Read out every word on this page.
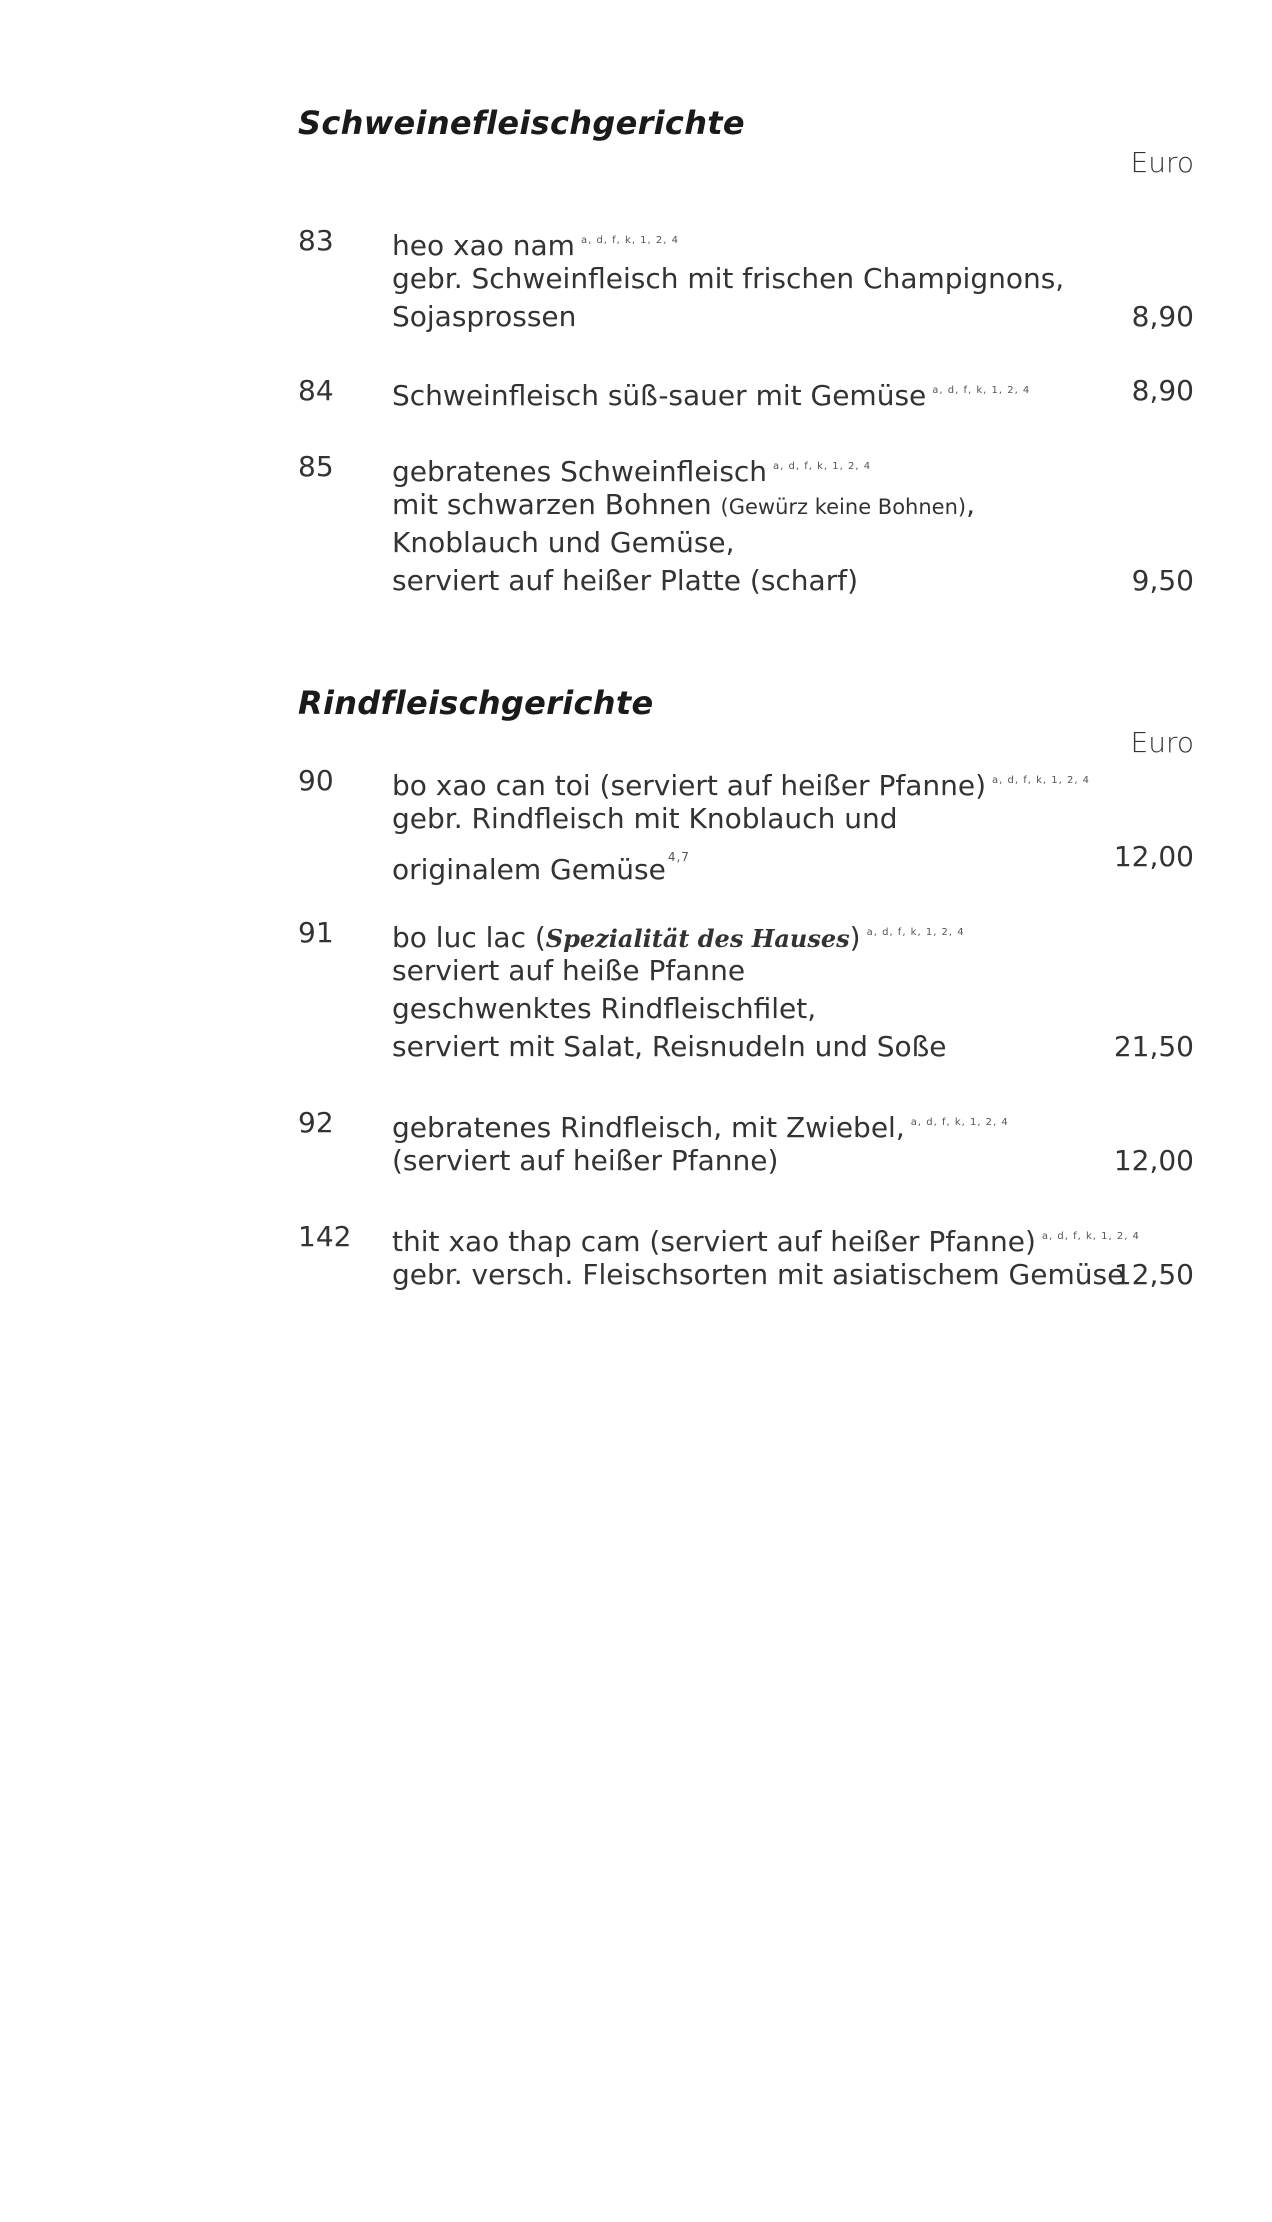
Schweinefleischgerichte
Euro
83 heo xao nam $^{a, d, f, k, 1, 2, 4}$
gebr. Schweinfleisch mit frischen Champignons,
Sojasprossen	8,90
84 Schweinfleisch süß-sauer mit Gemüse $^{a, d, f, k, 1, 2, 4}$	8,90
85 gebratenes Schweinfleisch $^{a, d, f, k, 1, 2, 4}$
mit schwarzen Bohnen (Gewürz keine Bohnen),
Knoblauch und Gemüse,
serviert auf heißer Platte (scharf)	9,50
Rindfleischgerichte
Euro
90 bo xao can toi (serviert auf heißer Pfanne) $^{a, d, f, k, 1, 2, 4}$
gebr. Rindfleisch mit Knoblauch und
originalem Gemüse $^{4,7}$	12,00
91 bo luc lac (Spezialität des Hauses) $^{a, d, f, k, 1, 2, 4}$
serviert auf heiße Pfanne
geschwenktes Rindfleischfilet,
serviert mit Salat, Reisnudeln und Soße	21,50
92 gebratenes Rindfleisch, mit Zwiebel, $^{a, d, f, k, 1, 2, 4}$
(serviert auf heißer Pfanne)	12,00
142 thit xao thap cam (serviert auf heißer Pfanne) $^{a, d, f, k, 1, 2, 4}$
gebr. versch. Fleischsorten mit asiatischem Gemüse
12,50
